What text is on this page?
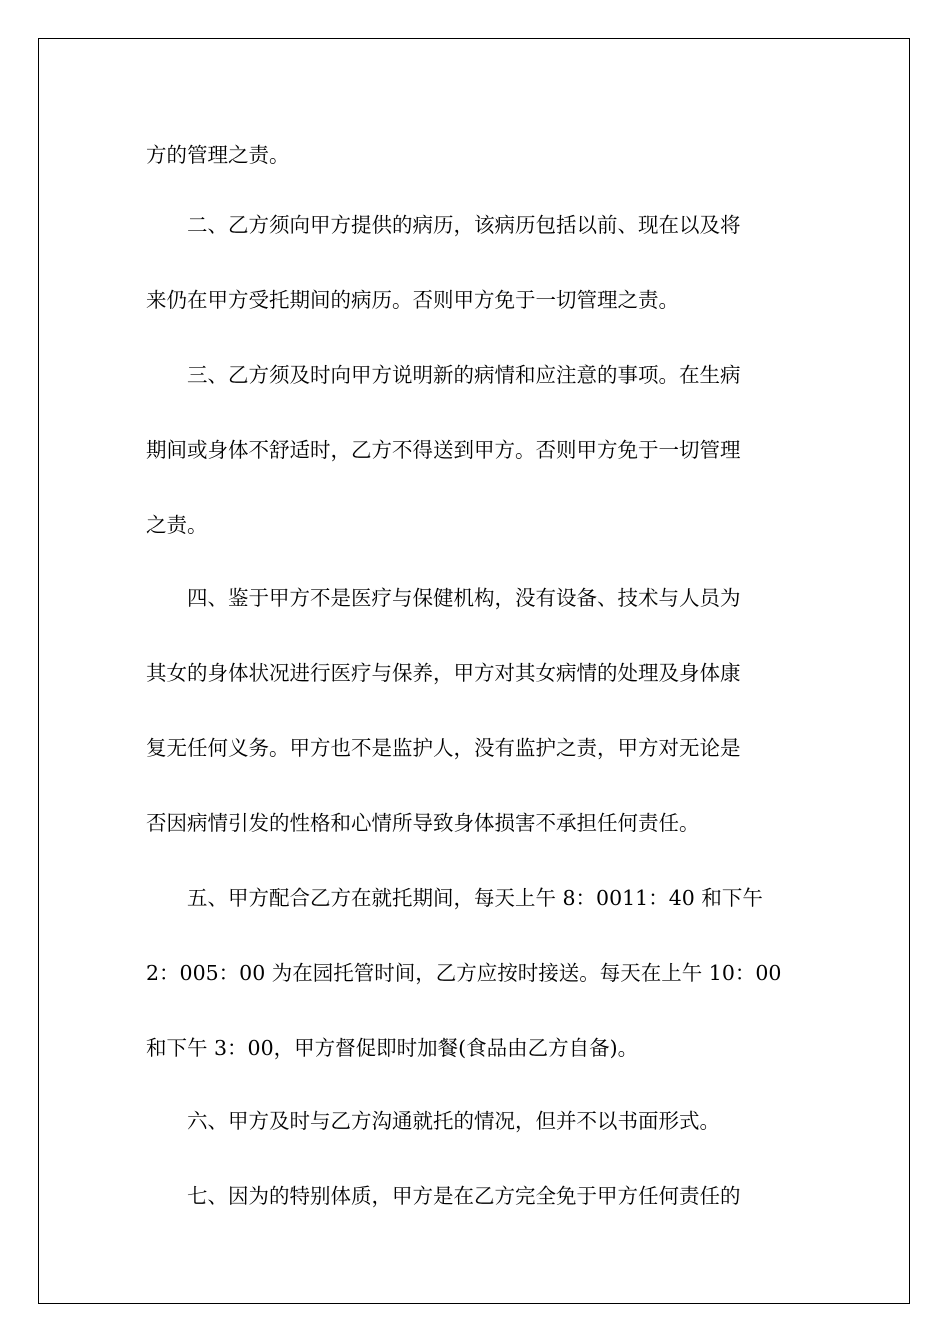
方的管理之责。
　　二、乙方须向甲方提供的病历，该病历包括以前、现在以及将
来仍在甲方受托期间的病历。否则甲方免于一切管理之责。
　　三、乙方须及时向甲方说明新的病情和应注意的事项。在生病
期间或身体不舒适时，乙方不得送到甲方。否则甲方免于一切管理
之责。
　　四、鉴于甲方不是医疗与保健机构，没有设备、技术与人员为
其女的身体状况进行医疗与保养，甲方对其女病情的处理及身体康
复无任何义务。甲方也不是监护人，没有监护之责，甲方对无论是
否因病情引发的性格和心情所导致身体损害不承担任何责任。
　　五、甲方配合乙方在就托期间，每天上午 8：0011：40 和下午
2：005：00 为在园托管时间，乙方应按时接送。每天在上午 10：00
和下午 3：00，甲方督促即时加餐(食品由乙方自备)。
　　六、甲方及时与乙方沟通就托的情况，但并不以书面形式。
　　七、因为的特别体质，甲方是在乙方完全免于甲方任何责任的
